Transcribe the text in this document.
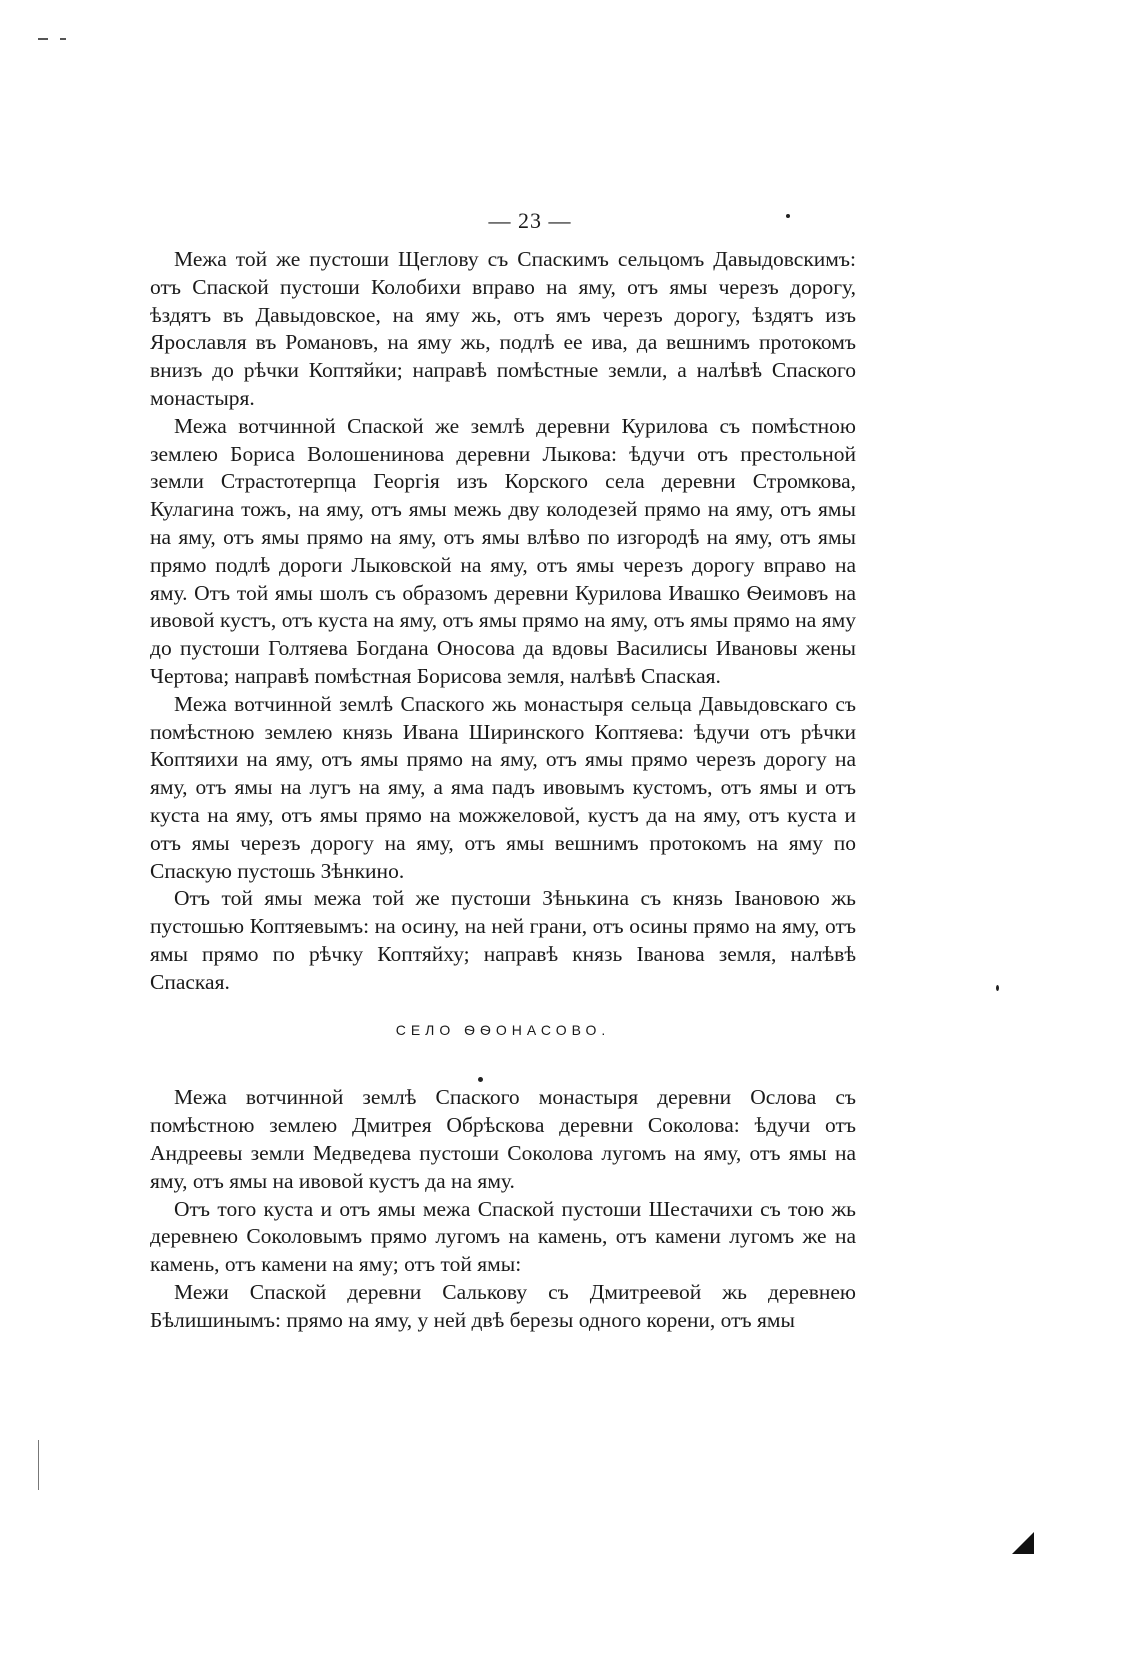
— 23 —

Межа той же пустоши Щеглову съ Спаскимъ сельцомъ Давыдовскимъ: отъ Спаской пустоши Колобихи вправо на яму, отъ ямы черезъ дорогу, ѣздятъ въ Давыдовское, на яму жь, отъ ямъ черезъ дорогу, ѣздятъ изъ Ярославля въ Романовъ, на яму жь, подлѣ ее ива, да вешнимъ протокомъ внизъ до рѣчки Коптяйки; направѣ помѣстные земли, а налѣвѣ Спаского монастыря.

Межа вотчинной Спаской же землѣ деревни Курилова съ помѣстною землею Бориса Волошенинова деревни Лыкова: ѣдучи отъ престольной земли Страстотерпца Георгія изъ Корского села деревни Стромкова, Кулагина тожъ, на яму, отъ ямы межь дву колодезей прямо на яму, отъ ямы на яму, отъ ямы прямо на яму, отъ ямы влѣво по изгородѣ на яму, отъ ямы прямо подлѣ дороги Лыковской на яму, отъ ямы черезъ дорогу вправо на яму. Отъ той ямы шолъ съ образомъ деревни Курилова Ивашко Ѳеимовъ на ивовой кустъ, отъ куста на яму, отъ ямы прямо на яму, отъ ямы прямо на яму до пустоши Голтяева Богдана Оносова да вдовы Василисы Ивановы жены Чертова; направѣ помѣстная Борисова земля, налѣвѣ Спаская.

Межа вотчинной землѣ Спаского жь монастыря сельца Давыдовскаго съ помѣстною землею князь Ивана Ширинского Коптяева: ѣдучи отъ рѣчки Коптяихи на яму, отъ ямы прямо на яму, отъ ямы прямо черезъ дорогу на яму, отъ ямы на лугъ на яму, а яма падъ ивовымъ кустомъ, отъ ямы и отъ куста на яму, отъ ямы прямо на можжеловой, кустъ да на яму, отъ куста и отъ ямы черезъ дорогу на яму, отъ ямы вешнимъ протокомъ на яму по Спаскую пустошь Зѣнкино.

Отъ той ямы межа той же пустоши Зѣнькина съ князь Івановою жь пустошью Коптяевымъ: на осину, на ней грани, отъ осины прямо на яму, отъ ямы прямо по рѣчку Коптяйху; направѣ князь Іванова земля, налѣвѣ Спаская.

СЕЛО ѲѲОНАСОВО.

Межа вотчинной землѣ Спаского монастыря деревни Ослова съ помѣстною землею Дмитрея Обрѣскова деревни Соколова: ѣдучи отъ Андреевы земли Медведева пустоши Соколова лугомъ на яму, отъ ямы на яму, отъ ямы на ивовой кустъ да на яму.

Отъ того куста и отъ ямы межа Спаской пустоши Шестачихи съ тою жь деревнею Соколовымъ прямо лугомъ на камень, отъ камени лугомъ же на камень, отъ камени на яму; отъ той ямы:

Межи Спаской деревни Салькову съ Дмитреевой жь деревнею Бѣлишинымъ: прямо на яму, у ней двѣ березы одного корени, отъ ямы
